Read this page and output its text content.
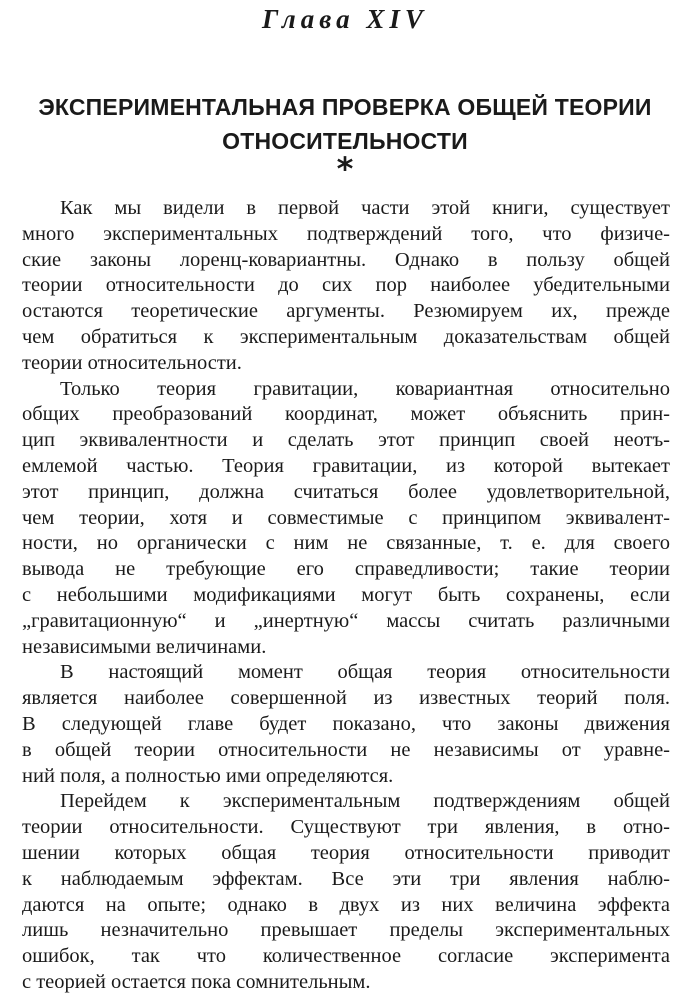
Глава XIV
ЭКСПЕРИМЕНТАЛЬНАЯ ПРОВЕРКА ОБЩЕЙ ТЕОРИИ
ОТНОСИТЕЛЬНОСТИ
*
Как мы видели в первой части этой книги, существует
много экспериментальных подтверждений того, что физиче-
ские законы лоренц-ковариантны. Однако в пользу общей
теории относительности до сих пор наиболее убедительными
остаются теоретические аргументы. Резюмируем их, прежде
чем обратиться к экспериментальным доказательствам общей
теории относительности.
Только теория гравитации, ковариантная относительно
общих преобразований координат, может объяснить прин-
цип эквивалентности и сделать этот принцип своей неотъ-
емлемой частью. Теория гравитации, из которой вытекает
этот принцип, должна считаться более удовлетворительной,
чем теории, хотя и совместимые с принципом эквивалент-
ности, но органически с ним не связанные, т. е. для своего
вывода не требующие его справедливости; такие теории
с небольшими модификациями могут быть сохранены, если
„гравитационную“ и „инертную“ массы считать различными
независимыми величинами.
В настоящий момент общая теория относительности
является наиболее совершенной из известных теорий поля.
В следующей главе будет показано, что законы движения
в общей теории относительности не независимы от уравне-
ний поля, а полностью ими определяются.
Перейдем к экспериментальным подтверждениям общей
теории относительности. Существуют три явления, в отно-
шении которых общая теория относительности приводит
к наблюдаемым эффектам. Все эти три явления наблю-
даются на опыте; однако в двух из них величина эффекта
лишь незначительно превышает пределы экспериментальных
ошибок, так что количественное согласие эксперимента
с теорией остается пока сомнительным.
